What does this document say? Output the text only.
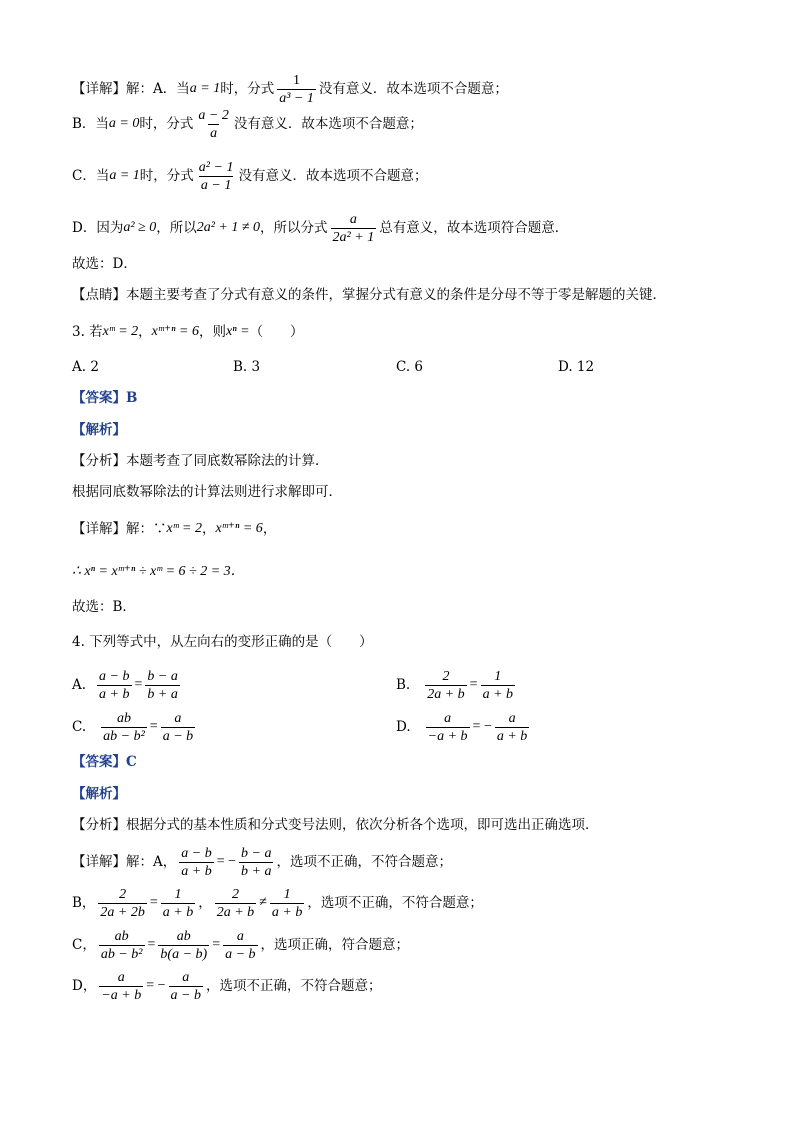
【详解】解：A．当 a = 1 时，分式 $\frac{1}{\text{a³ − 1}}$ 没有意义．故本选项不合题意；
B．当 a = 0 时，分式 $\frac{a - 2}{a}$ 没有意义．故本选项不合题意；
C．当 a = 1 时，分式 $\frac{\text{a² − 1}}{a - 1}$ 没有意义．故本选项不合题意；
D．因为 a² ≥ 0 ，所以 2a² + 1 ≠ 0 ，所以分式 $\frac{a}{\text{2a² + 1}}$ 总有意义，故本选项符合题意．
故选：D．
【点睛】本题主要考查了分式有意义的条件，掌握分式有意义的条件是分母不等于零是解题的关键．
3. 若 xᵐ = 2 ， xᵐ⁺ⁿ = 6 ，则 xⁿ = （　　）
A. 2	B. 3	C. 6	D. 12
【答案】B
【解析】
【分析】本题考查了同底数幂除法的计算．
根据同底数幂除法的计算法则进行求解即可．
【详解】解：∵ xᵐ = 2 ， xᵐ⁺ⁿ = 6 ，
∴ xⁿ = xᵐ⁺ⁿ ÷ xᵐ = 6 ÷ 2 = 3．
故选：B．
4. 下列等式中，从左向右的变形正确的是（　　）
A. $\frac{a - b}{a + b} = \frac{b - a}{b + a}$	B. $\frac{2}{2a + b} = \frac{1}{a + b}$
C. $\frac{ab}{\text{ab − b²}} = \frac{a}{a - b}$	D. $\frac{a}{-a + b}$ = − $\frac{a}{a + b}$
【答案】C
【解析】
【分析】根据分式的基本性质和分式变号法则，依次分析各个选项，即可选出正确选项．
【详解】解：A， $\frac{a - b}{a + b}$ = − $\frac{b - a}{b + a}$ ，选项不正确，不符合题意；
B， $\frac{2}{2a + 2b} = \frac{1}{a + b}$ ， $\frac{2}{2a + b} \ne \frac{1}{a + b}$ ，选项不正确，不符合题意；
C， $\frac{ab}{\text{ab − b²}} = \frac{ab}{b(a - b)} = \frac{a}{a - b}$ ，选项正确，符合题意；
D， $\frac{a}{-a + b}$ = − $\frac{a}{a - b}$ ，选项不正确，不符合题意；
